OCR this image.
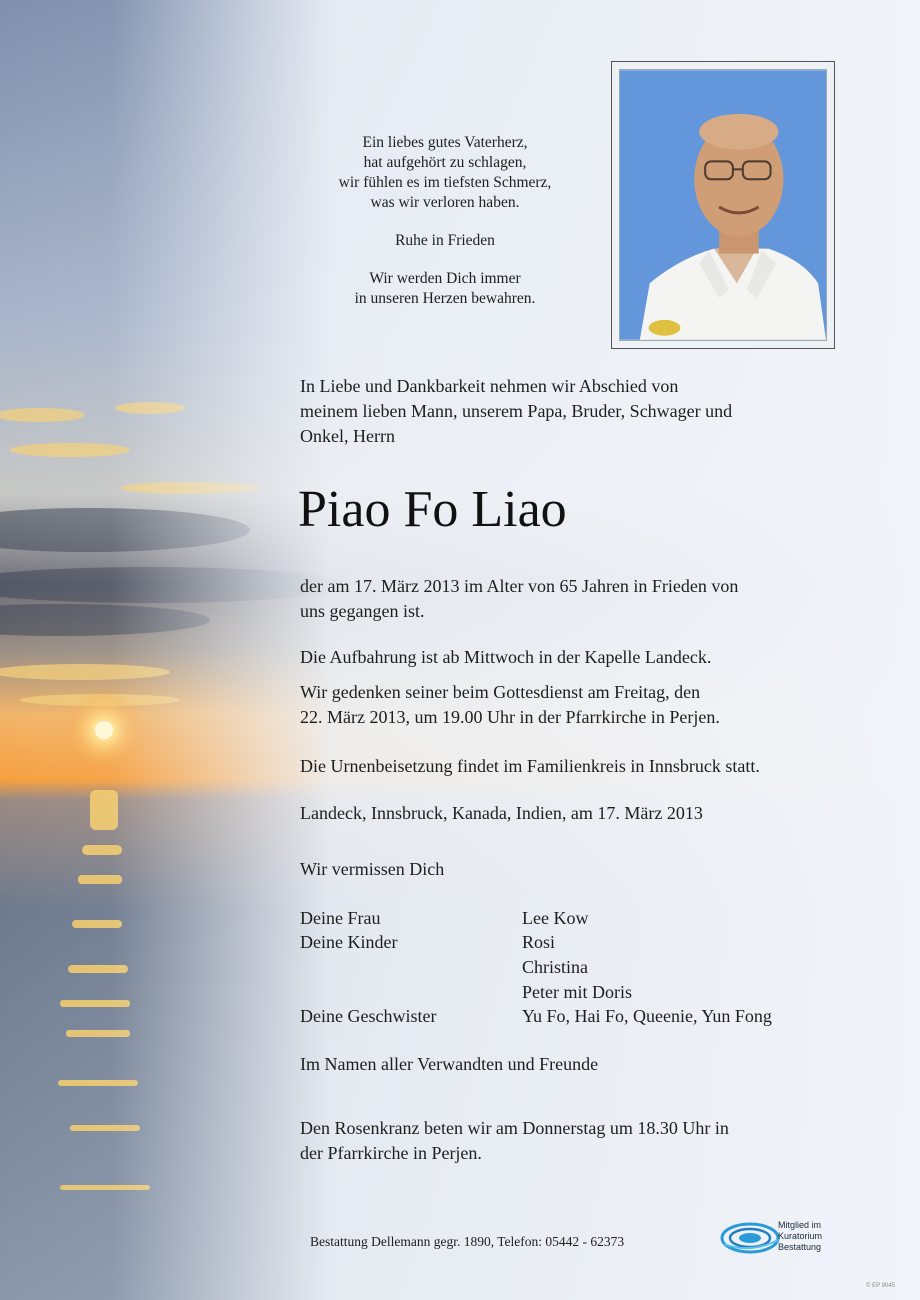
Ein liebes gutes Vaterherz,
hat aufgehört zu schlagen,
wir fühlen es im tiefsten Schmerz,
was wir verloren haben.

Ruhe in Frieden

Wir werden Dich immer
in unseren Herzen bewahren.

In Liebe und Dankbarkeit nehmen wir Abschied von
meinem lieben Mann, unserem Papa, Bruder, Schwager und
Onkel, Herrn
Piao Fo Liao
der am 17. März 2013 im Alter von 65 Jahren in Frieden von
uns gegangen ist.
Die Aufbahrung ist ab Mittwoch in der Kapelle Landeck.
Wir gedenken seiner beim Gottesdienst am Freitag, den
22. März 2013, um 19.00 Uhr in der Pfarrkirche in Perjen.
Die Urnenbeisetzung findet im Familienkreis in Innsbruck statt.
Landeck, Innsbruck, Kanada, Indien, am 17. März 2013
Wir vermissen Dich
Deine Frau	Lee Kow
Deine Kinder	Rosi
Christina
Peter mit Doris
Deine Geschwister	Yu Fo, Hai Fo, Queenie, Yun Fong
Im Namen aller Verwandten und Freunde
Den Rosenkranz beten wir am Donnerstag um 18.30 Uhr in
der Pfarrkirche in Perjen.
Bestattung Dellemann gegr. 1890, Telefon: 05442 - 62373
Mitglied im
Kuratorium Bestattung
© EP 9045
